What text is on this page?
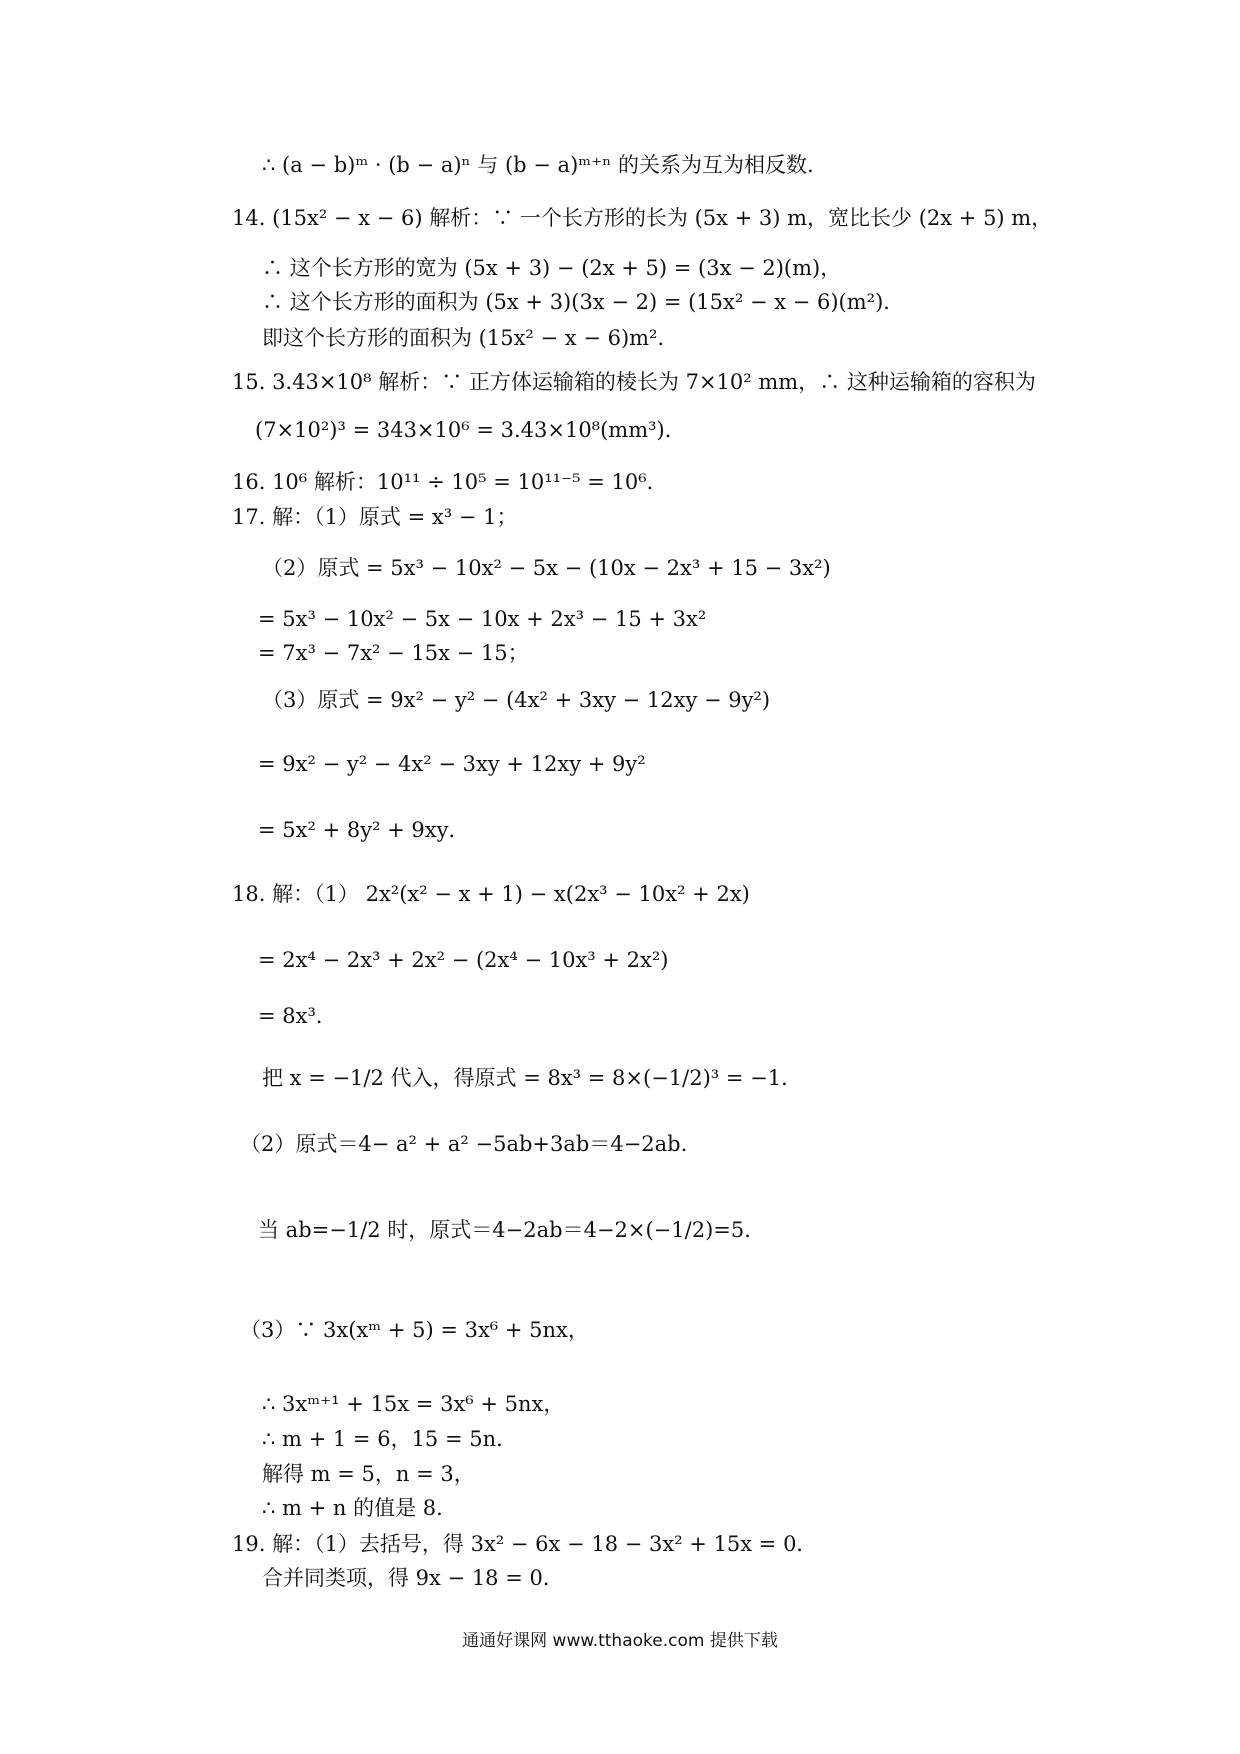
∴ (a − b)ᵐ · (b − a)ⁿ 与 (b − a)ᵐ⁺ⁿ 的关系为互为相反数.
14. (15x² − x − 6) 解析：∵ 一个长方形的长为 (5x + 3) m，宽比长少 (2x + 5) m，
∴ 这个长方形的宽为 (5x + 3) − (2x + 5) = (3x − 2)(m)，
∴ 这个长方形的面积为 (5x + 3)(3x − 2) = (15x² − x − 6)(m²)．
即这个长方形的面积为 (15x² − x − 6)m²．
15. 3.43×10⁸ 解析：∵ 正方体运输箱的棱长为 7×10² mm，∴ 这种运输箱的容积为
(7×10²)³ = 343×10⁶ = 3.43×10⁸(mm³)．
16. 10⁶ 解析：10¹¹ ÷ 10⁵ = 10¹¹⁻⁵ = 10⁶．
17. 解：（1）原式 = x³ − 1；
（2）原式 = 5x³ − 10x² − 5x − (10x − 2x³ + 15 − 3x²)
= 5x³ − 10x² − 5x − 10x + 2x³ − 15 + 3x²
= 7x³ − 7x² − 15x − 15；
（3）原式 = 9x² − y² − (4x² + 3xy − 12xy − 9y²)
= 9x² − y² − 4x² − 3xy + 12xy + 9y²
= 5x² + 8y² + 9xy．
18. 解：（1） 2x²(x² − x + 1) − x(2x³ − 10x² + 2x)
= 2x⁴ − 2x³ + 2x² − (2x⁴ − 10x³ + 2x²)
= 8x³．
把 x = −1/2 代入，得原式 = 8x³ = 8×(−1/2)³ = −1．
（2）原式＝4− a² + a² −5ab+3ab＝4−2ab.
当 ab=−1/2 时，原式＝4−2ab＝4−2×(−1/2)=5.
（3）∵ 3x(xᵐ + 5) = 3x⁶ + 5nx，
∴ 3xᵐ⁺¹ + 15x = 3x⁶ + 5nx，
∴ m + 1 = 6，15 = 5n．
解得 m = 5，n = 3，
∴ m + n 的值是 8.
19. 解：（1）去括号，得 3x² − 6x − 18 − 3x² + 15x = 0．
合并同类项，得 9x − 18 = 0．
通通好课网 www.tthaoke.com 提供下载
